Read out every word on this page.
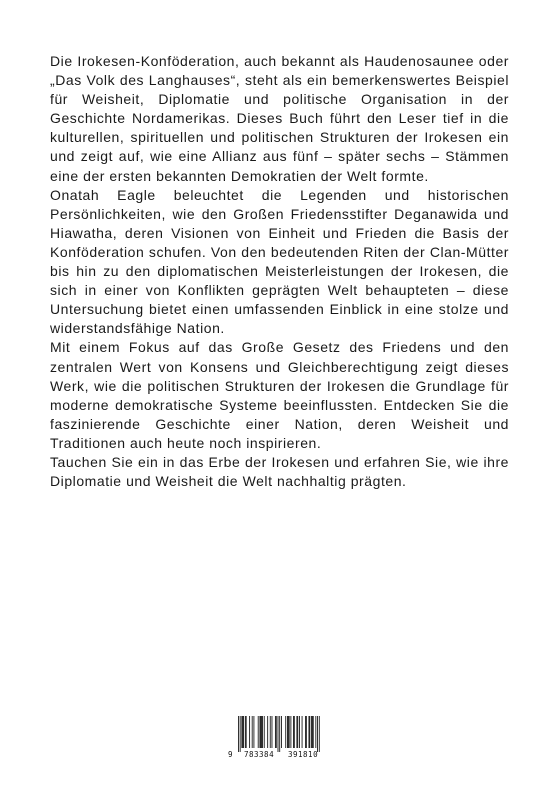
Die Irokesen-Konföderation, auch bekannt als Haudenosaunee oder „Das Volk des Langhauses“, steht als ein bemerkenswertes Beispiel für Weisheit, Diplomatie und politische Organisation in der Geschichte Nordamerikas. Dieses Buch führt den Leser tief in die kulturellen, spirituellen und politischen Strukturen der Irokesen ein und zeigt auf, wie eine Allianz aus fünf – später sechs – Stämmen eine der ersten bekannten Demokratien der Welt formte.

Onatah Eagle beleuchtet die Legenden und historischen Persönlichkeiten, wie den Großen Friedensstifter Deganawida und Hiawatha, deren Visionen von Einheit und Frieden die Basis der Konföderation schufen. Von den bedeutenden Riten der Clan-Mütter bis hin zu den diplomatischen Meisterleistungen der Irokesen, die sich in einer von Konflikten geprägten Welt behaupteten – diese Untersuchung bietet einen umfassenden Einblick in eine stolze und widerstandsfähige Nation.

Mit einem Fokus auf das Große Gesetz des Friedens und den zentralen Wert von Konsens und Gleichberechtigung zeigt dieses Werk, wie die politischen Strukturen der Irokesen die Grundlage für moderne demokratische Systeme beeinflussten. Entdecken Sie die faszinierende Geschichte einer Nation, deren Weisheit und Traditionen auch heute noch inspirieren.

Tauchen Sie ein in das Erbe der Irokesen und erfahren Sie, wie ihre Diplomatie und Weisheit die Welt nachhaltig prägten.

9 783384 391810
